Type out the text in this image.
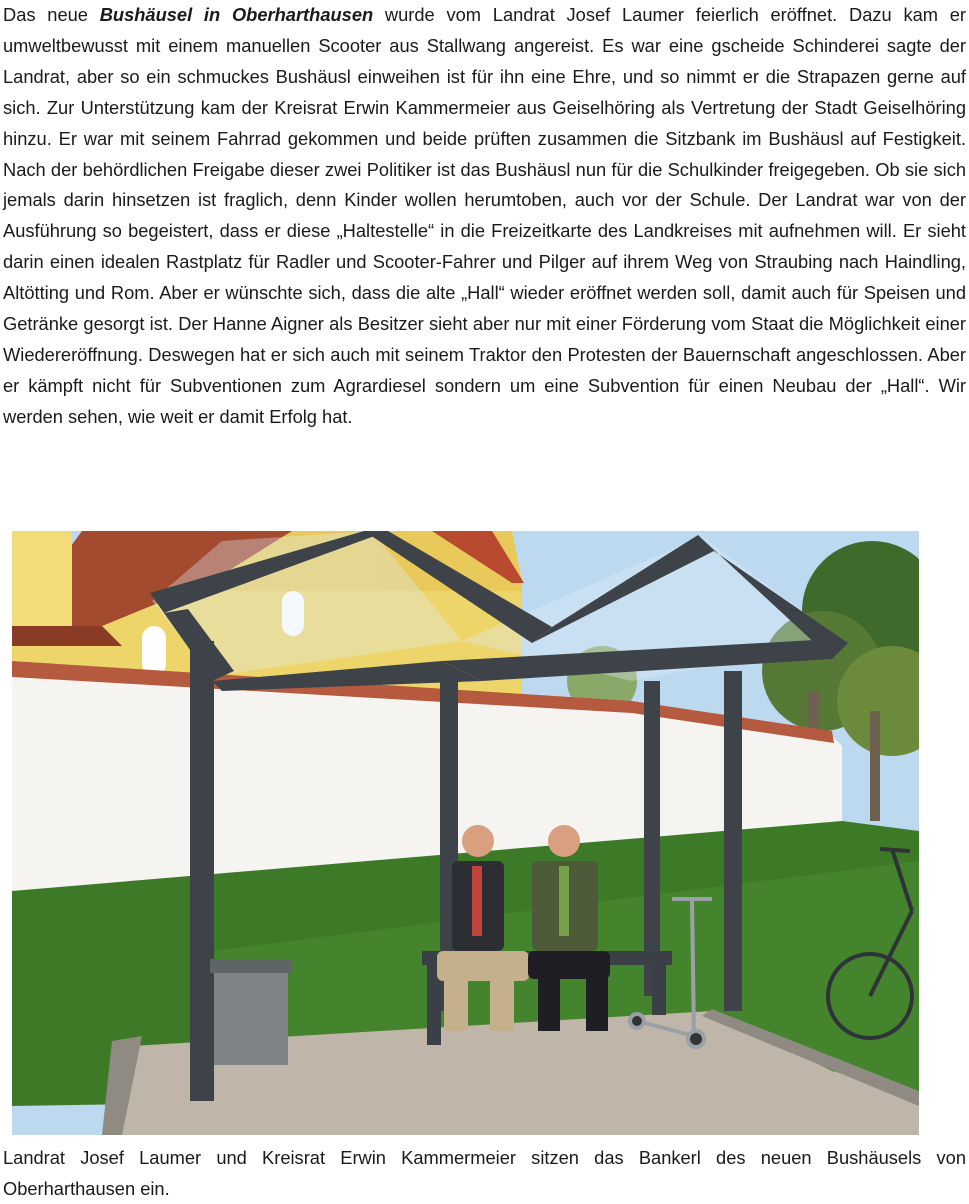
Das neue Bushäusel in Oberharthausen wurde vom Landrat Josef Laumer feierlich eröffnet. Dazu kam er umweltbewusst mit einem manuellen Scooter aus Stallwang angereist. Es war eine gscheide Schinderei sagte der Landrat, aber so ein schmuckes Bushäusl einweihen ist für ihn eine Ehre, und so nimmt er die Strapazen gerne auf sich. Zur Unterstützung kam der Kreisrat Erwin Kammermeier aus Geiselhöring als Vertretung der Stadt Geiselhöring hinzu. Er war mit seinem Fahrrad gekommen und beide prüften zusammen die Sitzbank im Bushäusl auf Festigkeit. Nach der behördlichen Freigabe dieser zwei Politiker ist das Bushäusl nun für die Schulkinder freigegeben. Ob sie sich jemals darin hinsetzen ist fraglich, denn Kinder wollen herumtoben, auch vor der Schule. Der Landrat war von der Ausführung so begeistert, dass er diese „Haltestelle“ in die Freizeitkarte des Landkreises mit aufnehmen will. Er sieht darin einen idealen Rastplatz für Radler und Scooter-Fahrer und Pilger auf ihrem Weg von Straubing nach Haindling, Altötting und Rom. Aber er wünschte sich, dass die alte „Hall“ wieder eröffnet werden soll, damit auch für Speisen und Getränke gesorgt ist. Der Hanne Aigner als Besitzer sieht aber nur mit einer Förderung vom Staat die Möglichkeit einer Wiedereröffnung. Deswegen hat er sich auch mit seinem Traktor den Protesten der Bauernschaft angeschlossen. Aber er kämpft nicht für Subventionen zum Agrardiesel sondern um eine Subvention für einen Neubau der „Hall“. Wir werden sehen, wie weit er damit Erfolg hat.

Landrat Josef Laumer und Kreisrat Erwin Kammermeier sitzen das Bankerl des neuen Bushäusels von Oberharthausen ein.
